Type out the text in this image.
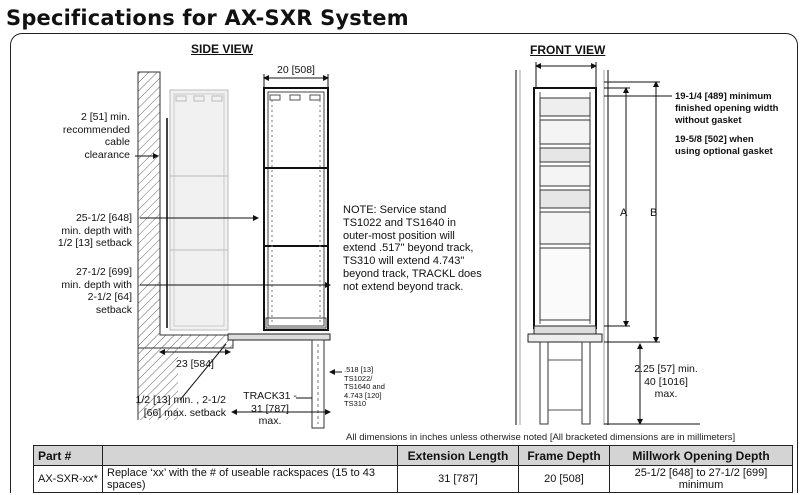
Specifications for AX-SXR System
SIDE VIEW	FRONT VIEW
20 [508]
2 [51] min.
recommended
cable
clearance
25-1/2 [648]
min. depth with
1/2 [13] setback
27-1/2 [699]
min. depth with
2-1/2 [64]
setback
23 [584]
1/2 [13] min. , 2-1/2
[66] max. setback
TRACK31 -
31 [787]
max.
NOTE: Service stand TS1022 and TS1640 in outer-most position will extend .517" beyond track, TS310 will extend 4.743" beyond track, TRACKL does not extend beyond track.
.518 [13]
TS1022/
TS1640 and
4.743 [120]
TS310
19-1/4 [489] minimum
finished opening width
without gasket
19-5/8 [502] when
using optional gasket
A B
2.25 [57] min.
40 [1016]
max.
All dimensions in inches unless otherwise noted [All bracketed dimensions are in millimeters]
Part #		Extension Length	Frame Depth	Millwork Opening Depth
AX-SXR-xx*	Replace ‘xx’ with the # of useable rackspaces (15 to 43 spaces)	31 [787]	20 [508]	25-1/2 [648] to 27-1/2 [699] minimum
